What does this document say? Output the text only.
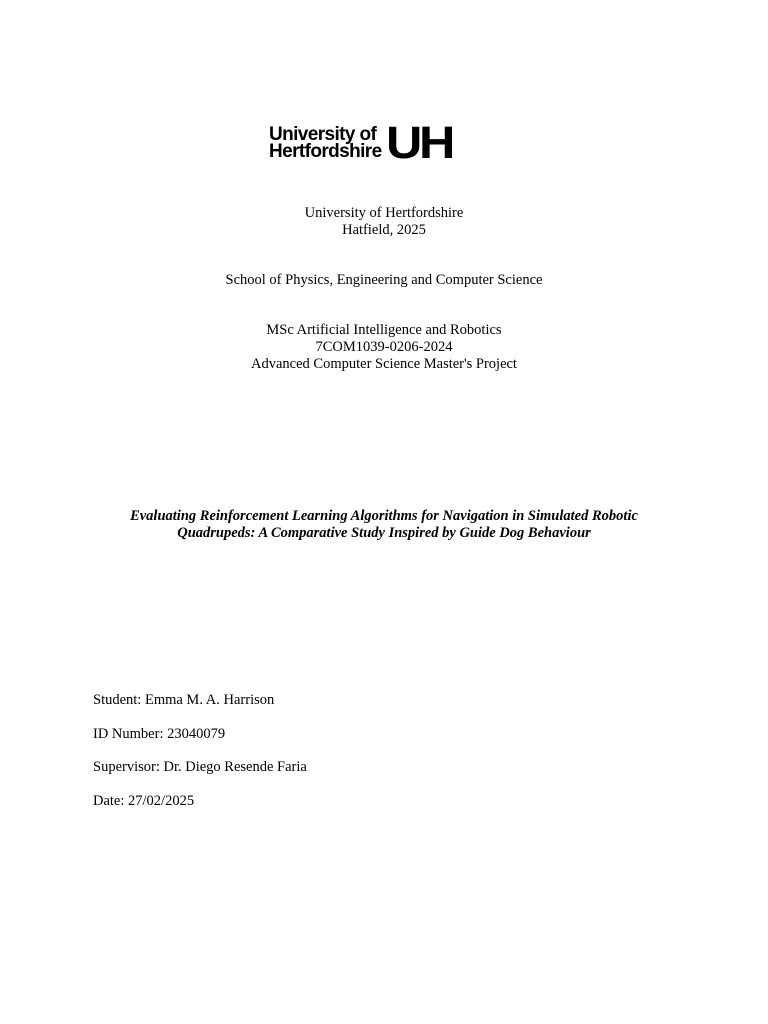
University of
Hertfordshire UH
University of Hertfordshire
Hatfield, 2025
School of Physics, Engineering and Computer Science
MSc Artificial Intelligence and Robotics
7COM1039-0206-2024
Advanced Computer Science Master's Project
Evaluating Reinforcement Learning Algorithms for Navigation in Simulated Robotic
Quadrupeds: A Comparative Study Inspired by Guide Dog Behaviour
Student: Emma M. A. Harrison
ID Number: 23040079
Supervisor: Dr. Diego Resende Faria
Date: 27/02/2025
